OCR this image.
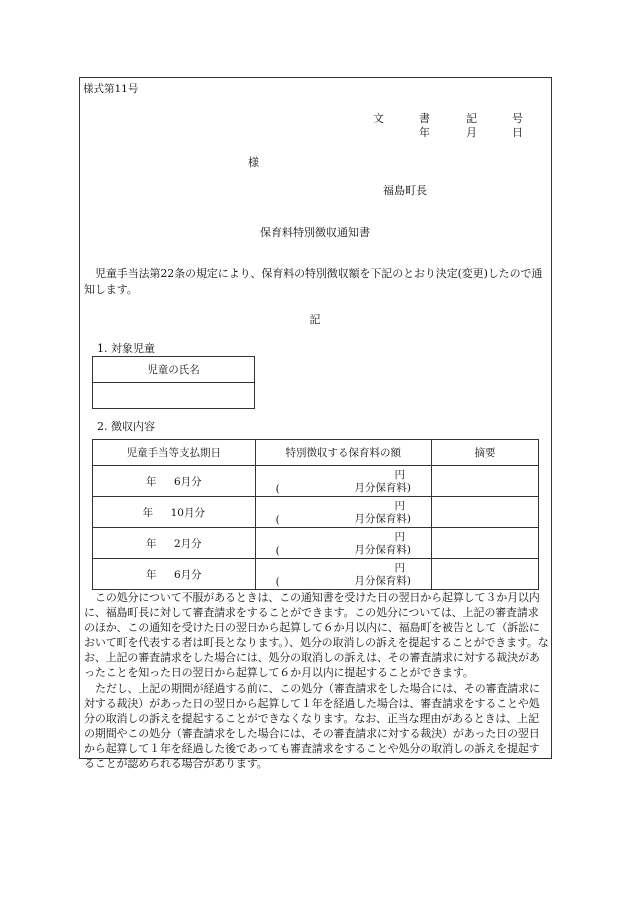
様式第11号
文	書	記	号
年	月	日
様
福島町長
保育料特別徴収通知書
児童手当法第22条の規定により、保育料の特別徴収額を下記のとおり決定(変更)したので通知します。
記
1. 対象児童
児童の氏名

2. 徴収内容
児童手当等支払期日	特別徴収する保育料の額	摘要
年 6月分	円
( 月分保育料)	

年 10月分	円
( 月分保育料)	

年 2月分	円
( 月分保育料)	

年 6月分	円
( 月分保育料)	

この処分について不服があるときは、この通知書を受けた日の翌日から起算して３か月以内に、福島町長に対して審査請求をすることができます。この処分については、上記の審査請求のほか、この通知を受けた日の翌日から起算して６か月以内に、福島町を被告として（訴訟において町を代表する者は町長となります。）、処分の取消しの訴えを提起することができます。なお、上記の審査請求をした場合には、処分の取消しの訴えは、その審査請求に対する裁決があったことを知った日の翌日から起算して６か月以内に提起することができます。

ただし、上記の期間が経過する前に、この処分（審査請求をした場合には、その審査請求に対する裁決）があった日の翌日から起算して１年を経過した場合は、審査請求をすることや処分の取消しの訴えを提起することができなくなります。なお、正当な理由があるときは、上記の期間やこの処分（審査請求をした場合には、その審査請求に対する裁決）があった日の翌日から起算して１年を経過した後であっても審査請求をすることや処分の取消しの訴えを提起することが認められる場合があります。
